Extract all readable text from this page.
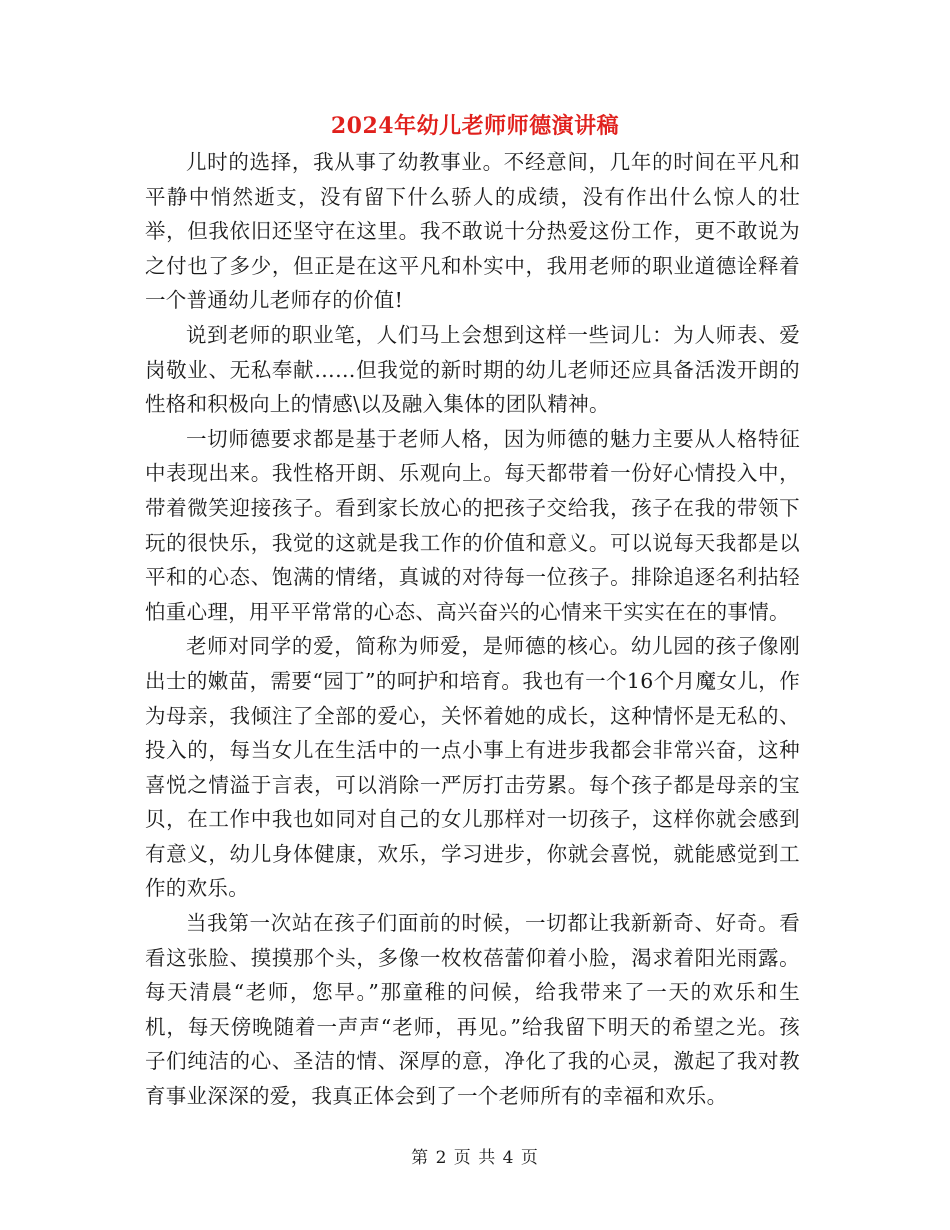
2024年幼儿老师师德演讲稿

儿时的选择，我从事了幼教事业。不经意间，几年的时间在平凡和平静中悄然逝支，没有留下什么骄人的成绩，没有作出什么惊人的壮举，但我依旧还坚守在这里。我不敢说十分热爱这份工作，更不敢说为之付也了多少，但正是在这平凡和朴实中，我用老师的职业道德诠释着一个普通幼儿老师存的价值!

说到老师的职业笔，人们马上会想到这样一些词儿：为人师表、爱岗敬业、无私奉献……但我觉的新时期的幼儿老师还应具备活泼开朗的性格和积极向上的情感\以及融入集体的团队精神。

一切师德要求都是基于老师人格，因为师德的魅力主要从人格特征中表现出来。我性格开朗、乐观向上。每天都带着一份好心情投入中，带着微笑迎接孩子。看到家长放心的把孩子交给我，孩子在我的带领下玩的很快乐，我觉的这就是我工作的价值和意义。可以说每天我都是以平和的心态、饱满的情绪，真诚的对待每一位孩子。排除追逐名利拈轻怕重心理，用平平常常的心态、高兴奋兴的心情来干实实在在的事情。

老师对同学的爱，简称为师爱，是师德的核心。幼儿园的孩子像刚出士的嫩苗，需要“园丁”的呵护和培育。我也有一个16个月魔女儿，作为母亲，我倾注了全部的爱心，关怀着她的成长，这种情怀是无私的、投入的，每当女儿在生活中的一点小事上有进步我都会非常兴奋，这种喜悦之情溢于言表，可以消除一严厉打击劳累。每个孩子都是母亲的宝贝，在工作中我也如同对自己的女儿那样对一切孩子，这样你就会感到有意义，幼儿身体健康，欢乐，学习进步，你就会喜悦，就能感觉到工作的欢乐。

当我第一次站在孩子们面前的时候，一切都让我新新奇、好奇。看看这张脸、摸摸那个头，多像一枚枚蓓蕾仰着小脸，渴求着阳光雨露。每天清晨“老师，您早。”那童稚的问候，给我带来了一天的欢乐和生机，每天傍晚随着一声声“老师，再见。”给我留下明天的希望之光。孩子们纯洁的心、圣洁的情、深厚的意，净化了我的心灵，激起了我对教育事业深深的爱，我真正体会到了一个老师所有的幸福和欢乐。

第 2 页 共 4 页
